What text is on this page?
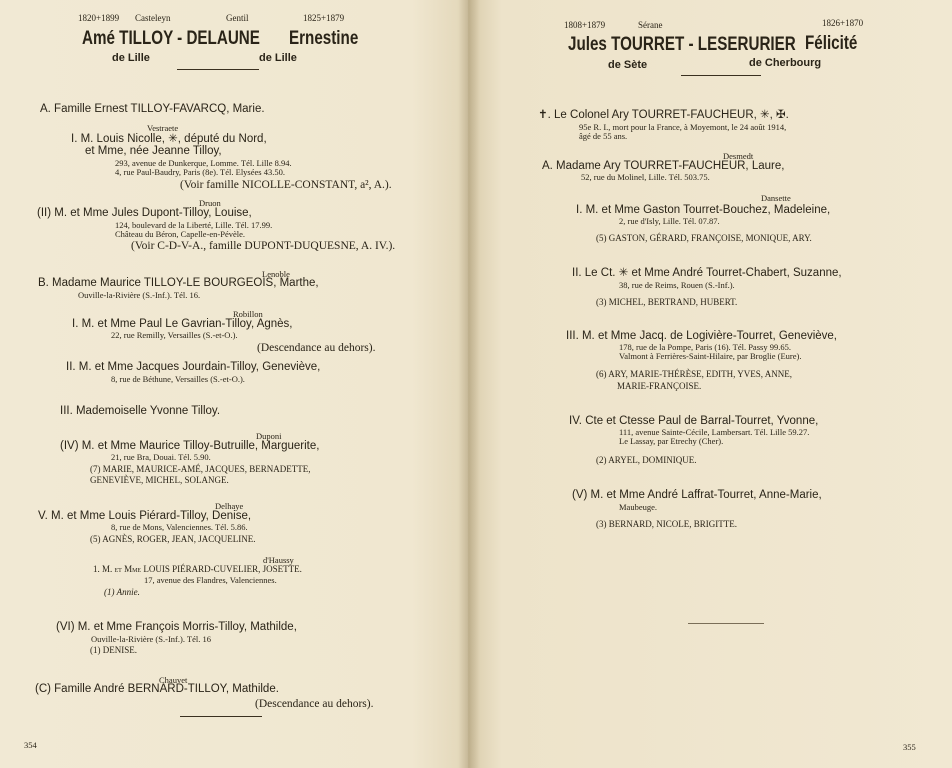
1820+1899 Casteleyn	Gentil	1825+1879
Amé TILLOY - DELAUNE Ernestine
de Lille	de Lille
A. Famille Ernest TILLOY-FAVARCQ, Marie.
Vestraete
I. M. Louis Nicolle, ✳, député du Nord,
et Mme, née Jeanne Tilloy,
293, avenue de Dunkerque, Lomme. Tél. Lille 8.94.
4, rue Paul-Baudry, Paris (8e). Tél. Elysées 43.50.
(Voir famille NICOLLE-CONSTANT, a², A.).
Druon
(II) M. et Mme Jules Dupont-Tilloy, Louise,
124, boulevard de la Liberté, Lille. Tél. 17.99.
Château du Béron, Capelle-en-Pévèle.
(Voir C-D-V-A., famille DUPONT-DUQUESNE, A. IV.).
Lenoble
B. Madame Maurice TILLOY-LE BOURGEOIS, Marthe,
Ouville-la-Rivière (S.-Inf.). Tél. 16.
Robillon
I. M. et Mme Paul Le Gavrian-Tilloy, Agnès,
22, rue Remilly, Versailles (S.-et-O.).
(Descendance au dehors).
II. M. et Mme Jacques Jourdain-Tilloy, Geneviève,
8, rue de Béthune, Versailles (S.-et-O.).
III. Mademoiselle Yvonne Tilloy.
Duponi
(IV) M. et Mme Maurice Tilloy-Butruille, Marguerite,
21, rue Bra, Douai. Tél. 5.90.
(7) MARIE, MAURICE-AMÉ, JACQUES, BERNADETTE,
GENEVIÈVE, MICHEL, SOLANGE.
Delhaye
V. M. et Mme Louis Piérard-Tilloy, Denise,
8, rue de Mons, Valenciennes. Tél. 5.86.
(5) AGNÈS, ROGER, JEAN, JACQUELINE.
d'Haussy
1. M. et Mme LOUIS PIÉRARD-CUVELIER, JOSETTE.
17, avenue des Flandres, Valenciennes.
(1) Annie.
(VI) M. et Mme François Morris-Tilloy, Mathilde,
Ouville-la-Rivière (S.-Inf.). Tél. 16
(1) DENISE.
Chauvet
(C) Famille André BERNARD-TILLOY, Mathilde.
(Descendance au dehors).
354
1808+1879	Sérane	1826+1870
Jules TOURRET - LESERURIER Félicité
de Sète	de Cherbourg
✝. Le Colonel Ary TOURRET-FAUCHEUR, ✳, ✠.
95e R. I., mort pour la France, à Moyemont, le 24 août 1914,
âgé de 55 ans.
Desmedt
A. Madame Ary TOURRET-FAUCHEUR, Laure,
52, rue du Molinel, Lille. Tél. 503.75.
Dansette
I. M. et Mme Gaston Tourret-Bouchez, Madeleine,
2, rue d'Isly, Lille. Tél. 07.87.
(5) GASTON, GÉRARD, FRANÇOISE, MONIQUE, ARY.
II. Le Ct. ✳ et Mme André Tourret-Chabert, Suzanne,
38, rue de Reims, Rouen (S.-Inf.).
(3) MICHEL, BERTRAND, HUBERT.
III. M. et Mme Jacq. de Logivière-Tourret, Geneviève,
178, rue de la Pompe, Paris (16). Tél. Passy 99.65.
Valmont à Ferrières-Saint-Hilaire, par Broglie (Eure).
(6) ARY, MARIE-THÉRÈSE, EDITH, YVES, ANNE,
MARIE-FRANÇOISE.
IV. Cte et Ctesse Paul de Barral-Tourret, Yvonne,
111, avenue Sainte-Cécile, Lambersart. Tél. Lille 59.27.
Le Lassay, par Etrechy (Cher).
(2) ARYEL, DOMINIQUE.
(V) M. et Mme André Laffrat-Tourret, Anne-Marie,
Maubeuge.
(3) BERNARD, NICOLE, BRIGITTE.
355
